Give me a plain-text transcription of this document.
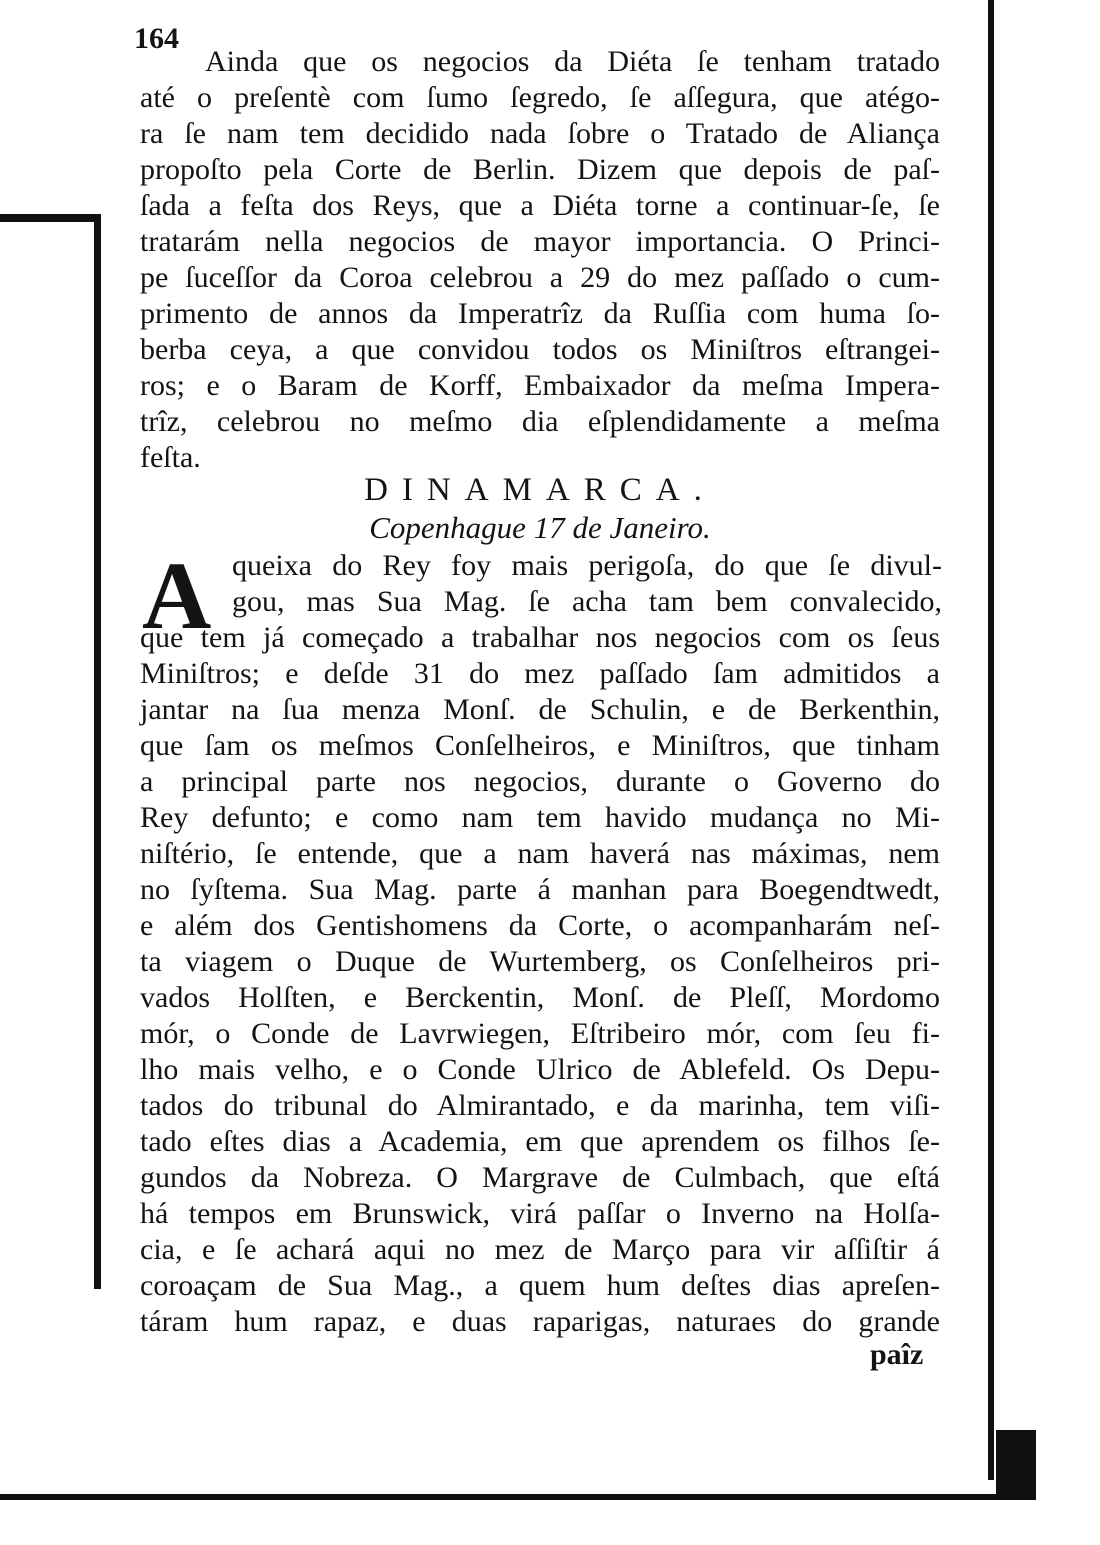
164
Ainda que os negocios da Diéta ſe tenham tratado
até o preſentè com ſumo ſegredo, ſe aſſegura, que atégo-
ra ſe nam tem decidido nada ſobre o Tratado de Aliança
propoſto pela Corte de Berlin. Dizem que depois de paſ-
ſada a feſta dos Reys, que a Diéta torne a continuar-ſe, ſe
tratarám nella negocios de mayor importancia. O Princi-
pe ſuceſſor da Coroa celebrou a 29 do mez paſſado o cum-
primento de annos da Imperatrîz da Ruſſia com huma ſo-
berba ceya, a que convidou todos os Miniſtros eſtrangei-
ros; e o Baram de Korff, Embaixador da meſma Impera-
trîz, celebrou no meſmo dia eſplendidamente a meſma
feſta.
DINAMARCA.
Copenhague 17 de Janeiro.
A queixa do Rey foy mais perigoſa, do que ſe divul-
gou, mas Sua Mag. ſe acha tam bem convalecido,
que tem já começado a trabalhar nos negocios com os ſeus
Miniſtros; e deſde 31 do mez paſſado ſam admitidos a
jantar na ſua menza Monſ. de Schulin, e de Berkenthin,
que ſam os meſmos Conſelheiros, e Miniſtros, que tinham
a principal parte nos negocios, durante o Governo do
Rey defunto; e como nam tem havido mudança no Mi-
niſtério, ſe entende, que a nam haverá nas máximas, nem
no ſyſtema. Sua Mag. parte á manhan para Boegendtwedt,
e além dos Gentishomens da Corte, o acompanharám neſ-
ta viagem o Duque de Wurtemberg, os Conſelheiros pri-
vados Holſten, e Berckentin, Monſ. de Pleſſ, Mordomo
mór, o Conde de Lavrwiegen, Eſtribeiro mór, com ſeu fi-
lho mais velho, e o Conde Ulrico de Ablefeld. Os Depu-
tados do tribunal do Almirantado, e da marinha, tem viſi-
tado eſtes dias a Academia, em que aprendem os filhos ſe-
gundos da Nobreza. O Margrave de Culmbach, que eſtá
há tempos em Brunswick, virá paſſar o Inverno na Holſa-
cia, e ſe achará aqui no mez de Março para vir aſſiſtir á
coroaçam de Sua Mag., a quem hum deſtes dias apreſen-
táram hum rapaz, e duas raparigas, naturaes do grande
paîz
